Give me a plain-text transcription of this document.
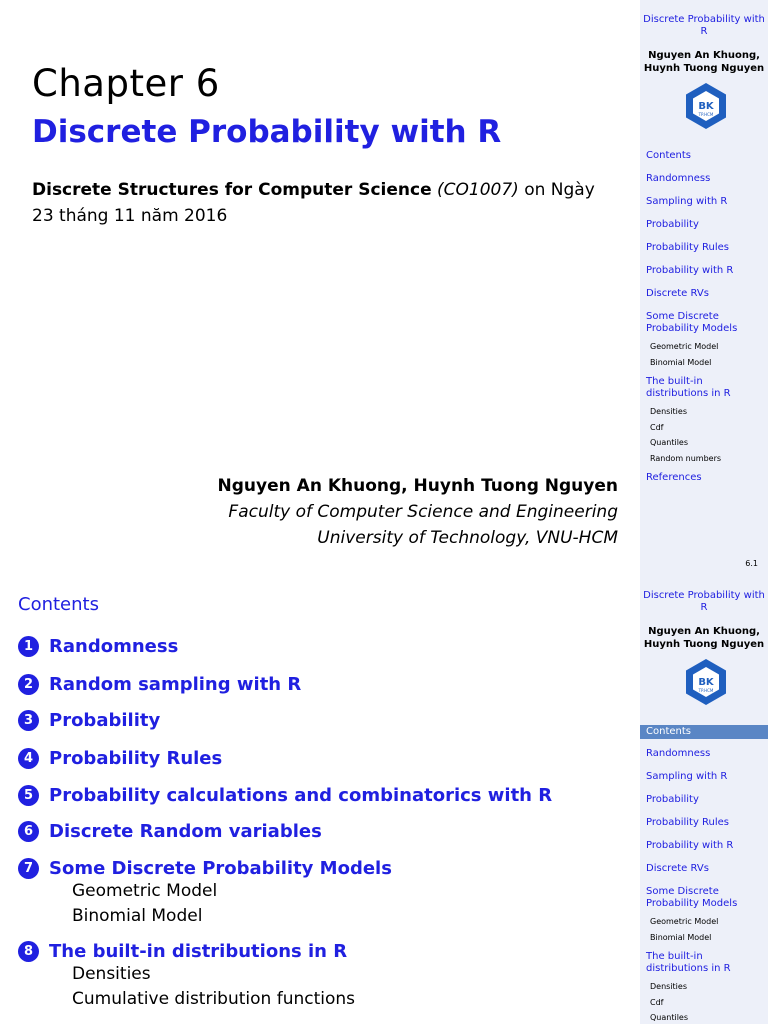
Chapter 6
Discrete Probability with R
Discrete Structures for Computer Science (CO1007) on Ngày
23 tháng 11 năm 2016
Nguyen An Khuong, Huynh Tuong Nguyen
Faculty of Computer Science and Engineering
University of Technology, VNU-HCM
Discrete Probability with R
Nguyen An Khuong,
Huynh Tuong Nguyen
BK
TP.HCM
Contents
Randomness
Sampling with R
Probability
Probability Rules
Probability with R
Discrete RVs
Some Discrete Probability Models
Geometric Model
Binomial Model
The built-in distributions in R
Densities
Cdf
Quantiles
Random numbers
References
6.1
Contents
1 Randomness
2 Random sampling with R
3 Probability
4 Probability Rules
5 Probability calculations and combinatorics with R
6 Discrete Random variables
7 Some Discrete Probability Models
Geometric Model
Binomial Model
8 The built-in distributions in R
Densities
Cumulative distribution functions
Discrete Probability with R
Nguyen An Khuong,
Huynh Tuong Nguyen
BK
TP.HCM
Contents
Randomness
Sampling with R
Probability
Probability Rules
Probability with R
Discrete RVs
Some Discrete Probability Models
Geometric Model
Binomial Model
The built-in distributions in R
Densities
Cdf
Quantiles
